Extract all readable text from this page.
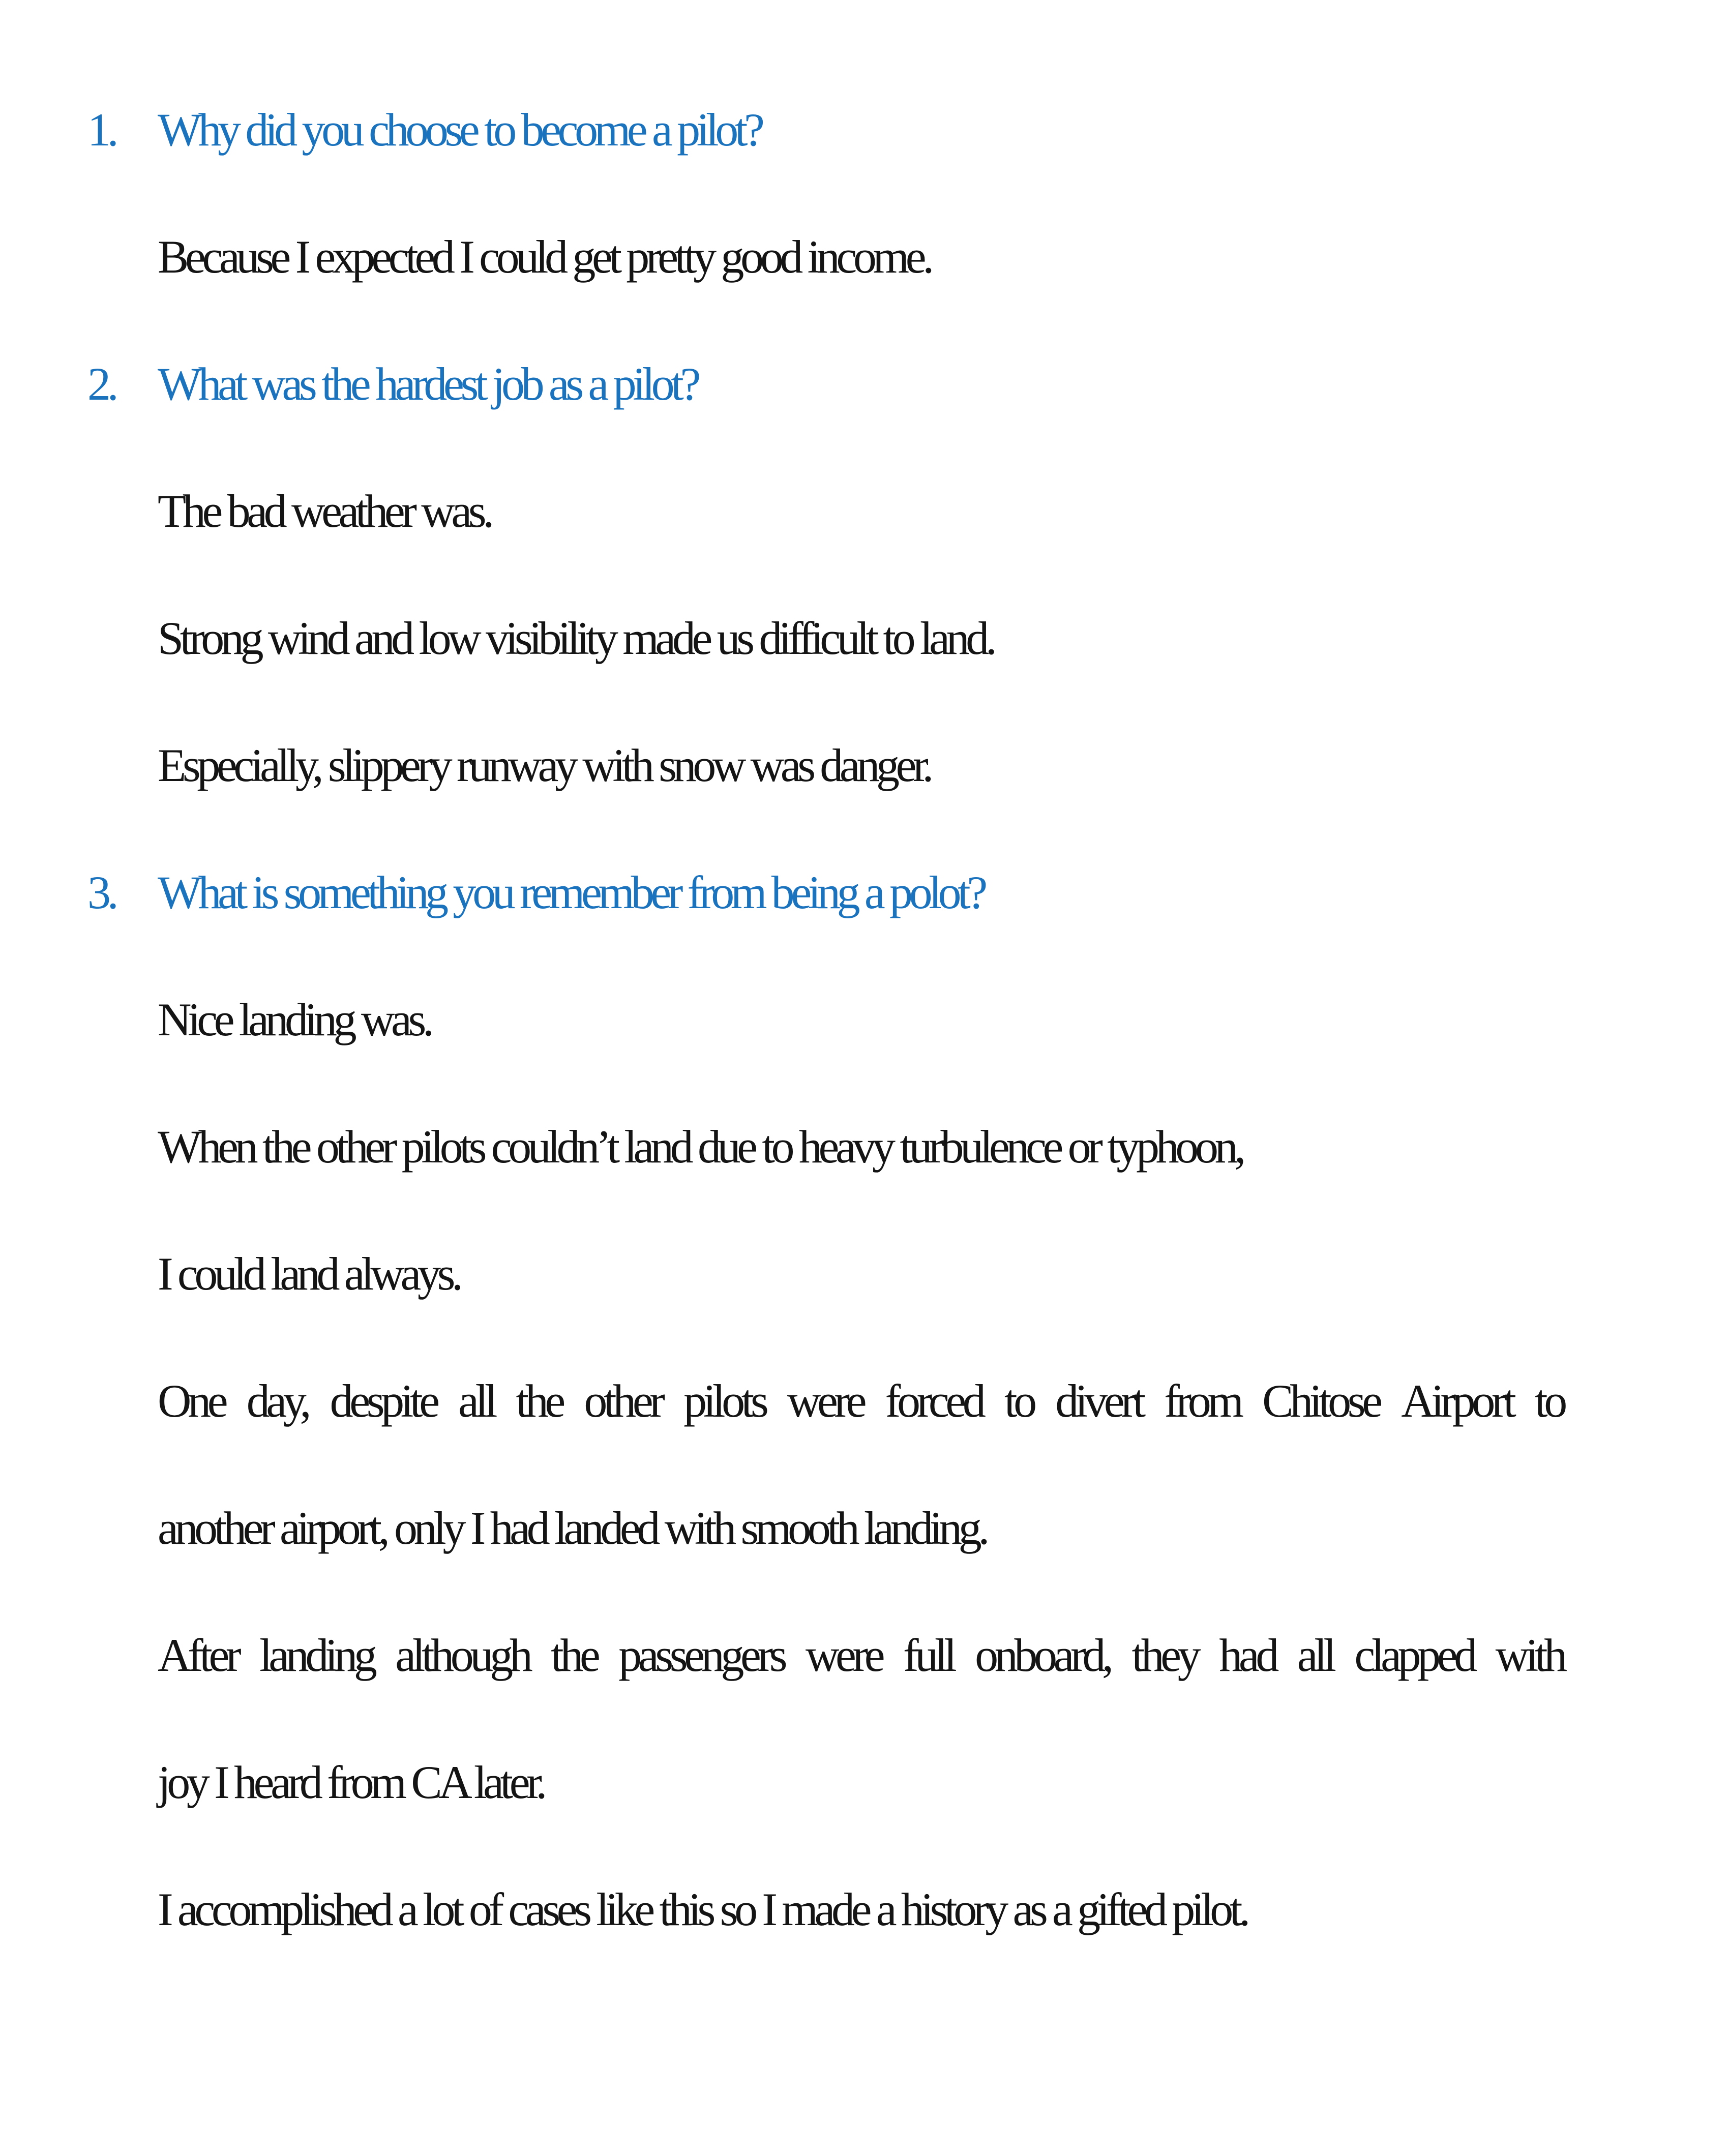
1. Why did you choose to become a pilot?
Because I expected I could get pretty good income.
2. What was the hardest job as a pilot?
The bad weather was.
Strong wind and low visibility made us difficult to land.
Especially, slippery runway with snow was danger.
3. What is something you remember from being a polot?
Nice landing was.
When the other pilots couldn’t land due to heavy turbulence or typhoon,
I could land always.
One day, despite all the other pilots were forced to divert from Chitose Airport to
another airport, only I had landed with smooth landing.
After landing although the passengers were full onboard, they had all clapped with
joy I heard from CA later.
I accomplished a lot of cases like this so I made a history as a gifted pilot.
